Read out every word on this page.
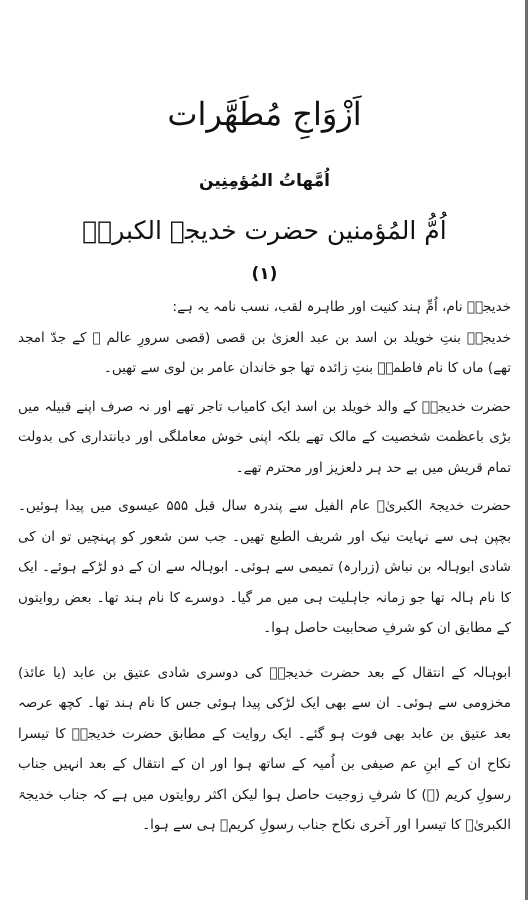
اَزْوَاجِ مُطَهَّرات
اُمَّھاتُ المُؤمِنِین
اُمُّ المُؤمنین حضرت خدیجۃ الکبریؓ
(۱)

خدیجہؓ نام، اُمِّ ہند کنیت اور طاہرہ لقب، نسب نامہ یہ ہے:

خدیجہؓ بنتِ خویلد بن اسد بن عبد العزیٰ بن قصی (قصی سرورِ عالم ﷺ کے جدّ امجد تھے) ماں کا نام فاطمہؓ بنتِ زائدہ تھا جو خاندان عامر بن لوی سے تھیں۔

حضرت خدیجہؓ کے والد خویلد بن اسد ایک کامیاب تاجر تھے اور نہ صرف اپنے قبیلہ میں بڑی باعظمت شخصیت کے مالک تھے بلکہ اپنی خوش معاملگی اور دیانتداری کی بدولت تمام قریش میں بے حد ہر دلعزیز اور محترم تھے۔

حضرت خدیجۃ الکبریٰؓ عام الفیل سے پندرہ سال قبل ۵۵۵ عیسوی میں پیدا ہوئیں۔ بچپن ہی سے نہایت نیک اور شریف الطبع تھیں۔ جب سن شعور کو پہنچیں تو ان کی شادی ابوہالہ بن نباش (زرارہ) تمیمی سے ہوئی۔ ابوہالہ سے ان کے دو لڑکے ہوئے۔ ایک کا نام ہالہ تھا جو زمانہ جاہلیت ہی میں مر گیا۔ دوسرے کا نام ہند تھا۔ بعض روایتوں کے مطابق ان کو شرفِ صحابیت حاصل ہوا۔

ابوہالہ کے انتقال کے بعد حضرت خدیجہؓ کی دوسری شادی عتیق بن عابد (یا عائذ) مخزومی سے ہوئی۔ ان سے بھی ایک لڑکی پیدا ہوئی جس کا نام ہند تھا۔ کچھ عرصہ بعد عتیق بن عابد بھی فوت ہو گئے۔ ایک روایت کے مطابق حضرت خدیجہؓ کا تیسرا نکاح ان کے ابنِ عم صیفی بن اُمیہ کے ساتھ ہوا اور ان کے انتقال کے بعد انہیں جناب رسولِ کریم (ﷺ) کا شرفِ زوجیت حاصل ہوا لیکن اکثر روایتوں میں ہے کہ جناب خدیجۃ الکبریٰؓ کا تیسرا اور آخری نکاح جناب رسولِ کریمؐ ہی سے ہوا۔
